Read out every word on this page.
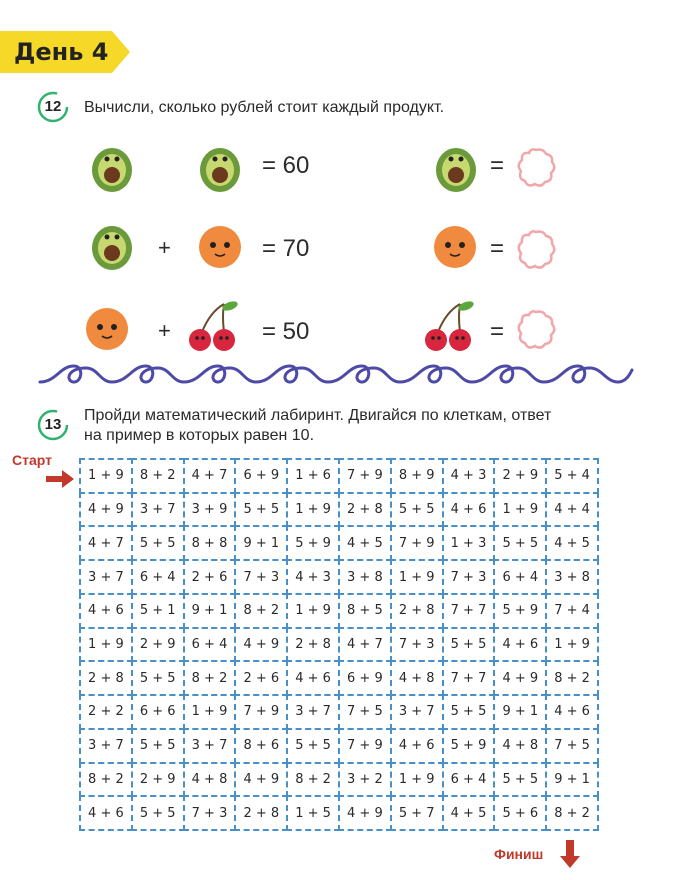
День 4
12	Вычисли, сколько рублей стоит каждый продукт.
= 60	=
+	= 70	=
+	= 50	=
13
Пройди математический лабиринт. Двигайся по клеткам, ответ
на пример в которых равен 10.
Старт
1 + 9	8 + 2	4 + 7	6 + 9	1 + 6	7 + 9	8 + 9	4 + 3	2 + 9	5 + 4
4 + 9	3 + 7	3 + 9	5 + 5	1 + 9	2 + 8	5 + 5	4 + 6	1 + 9	4 + 4
4 + 7	5 + 5	8 + 8	9 + 1	5 + 9	4 + 5	7 + 9	1 + 3	5 + 5	4 + 5
3 + 7	6 + 4	2 + 6	7 + 3	4 + 3	3 + 8	1 + 9	7 + 3	6 + 4	3 + 8
4 + 6	5 + 1	9 + 1	8 + 2	1 + 9	8 + 5	2 + 8	7 + 7	5 + 9	7 + 4
1 + 9	2 + 9	6 + 4	4 + 9	2 + 8	4 + 7	7 + 3	5 + 5	4 + 6	1 + 9
2 + 8	5 + 5	8 + 2	2 + 6	4 + 6	6 + 9	4 + 8	7 + 7	4 + 9	8 + 2
2 + 2	6 + 6	1 + 9	7 + 9	3 + 7	7 + 5	3 + 7	5 + 5	9 + 1	4 + 6
3 + 7	5 + 5	3 + 7	8 + 6	5 + 5	7 + 9	4 + 6	5 + 9	4 + 8	7 + 5
8 + 2	2 + 9	4 + 8	4 + 9	8 + 2	3 + 2	1 + 9	6 + 4	5 + 5	9 + 1
4 + 6	5 + 5	7 + 3	2 + 8	1 + 5	4 + 9	5 + 7	4 + 5	5 + 6	8 + 2
Финиш
